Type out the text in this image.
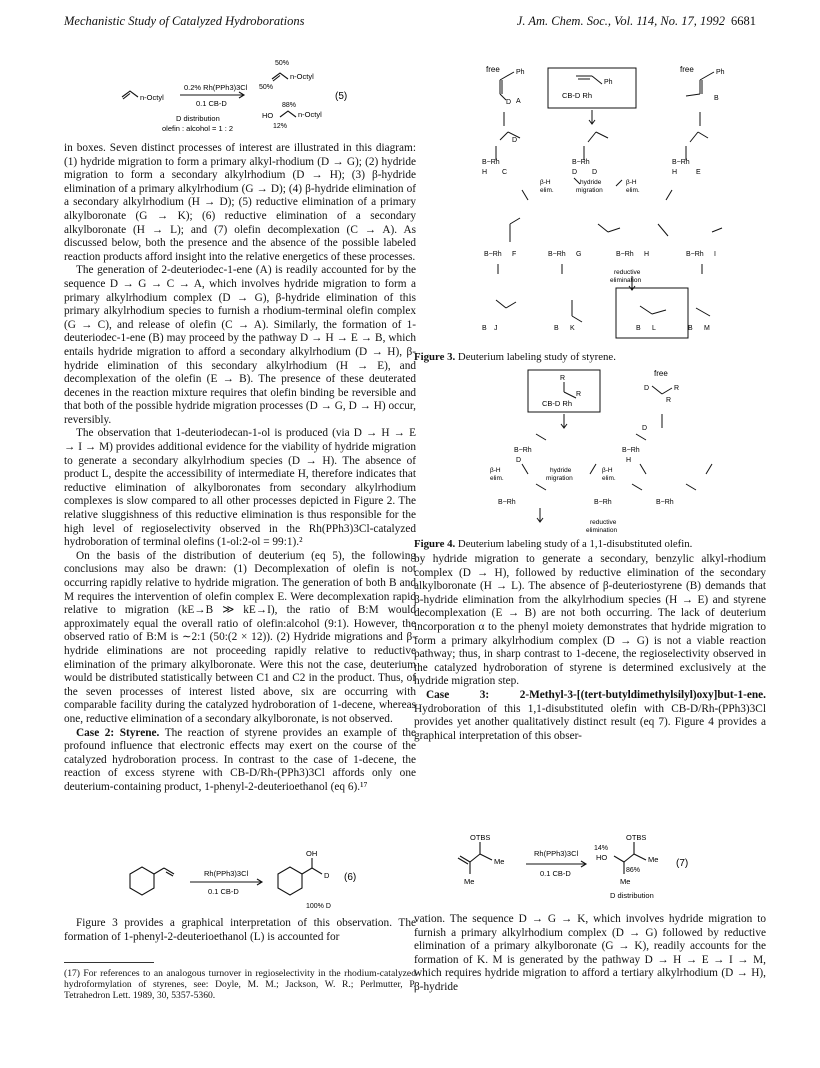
Mechanistic Study of Catalyzed Hydroborations	J. Am. Chem. Soc., Vol. 114, No. 17, 1992 6681
n-Octyl
0.2% Rh(PPh3)3Cl
0.1 CB-D
50%
n-Octyl
50%
88%
HO	n-Octyl
12%
(5)
D distribution
olefin : alcohol = 1 : 2

in boxes. Seven distinct processes of interest are illustrated in this diagram: (1) hydride migration to form a primary alkyl-rhodium (D → G); (2) hydride migration to form a secondary alkylrhodium (D → H); (3) β-hydride elimination of a primary alkylrhodium (G → D); (4) β-hydride elimination of a secondary alkylrhodium (H → D); (5) reductive elimination of a primary alkylboronate (G → K); (6) reductive elimination of a secondary alkylboronate (H → L); and (7) olefin decomplexation (C → A). As discussed below, both the presence and the absence of the possible labeled reaction products afford insight into the relative energetics of these processes.

The generation of 2-deuteriodec-1-ene (A) is readily accounted for by the sequence D → G → C → A, which involves hydride migration to form a primary alkylrhodium complex (D → G), β-hydride elimination of this primary alkylrhodium species to furnish a rhodium-terminal olefin complex (G → C), and release of olefin (C → A). Similarly, the formation of 1-deuteriodec-1-ene (B) may proceed by the pathway D → H → E → B, which entails hydride migration to afford a secondary alkylrhodium (D → H), β-hydride elimination of this secondary alkylrhodium (H → E), and decomplexation of the olefin (E → B). The presence of these deuterated decenes in the reaction mixture requires that olefin binding be reversible and that both of the possible hydride migration processes (D → G, D → H) occur, reversibly.

The observation that 1-deuteriodecan-1-ol is produced (via D → H → E → I → M) provides additional evidence for the viability of hydride migration to generate a secondary alkylrhodium species (D → H). The absence of product L, despite the accessibility of intermediate H, therefore indicates that reductive elimination of alkylboronates from secondary alkylrhodium complexes is slow compared to all other processes depicted in Figure 2. The relative sluggishness of this reductive elimination is thus responsible for the high level of regioselectivity observed in the Rh(PPh3)3Cl-catalyzed hydroboration of terminal olefins (1-ol:2-ol = 99:1).²

On the basis of the distribution of deuterium (eq 5), the following conclusions may also be drawn: (1) Decomplexation of olefin is not occurring rapidly relative to hydride migration. The generation of both B and M requires the intervention of olefin complex E. Were decomplexation rapid relative to migration (kE→B ≫ kE→I), the ratio of B:M would approximately equal the overall ratio of olefin:alcohol (9:1). However, the observed ratio of B:M is ∼2:1 (50:(2 × 12)). (2) Hydride migrations and β-hydride eliminations are not proceeding rapidly relative to reductive elimination of the primary alkylboronate. Were this not the case, deuterium would be distributed statistically between C1 and C2 in the product. Thus, of the seven processes of interest listed above, six are occurring with comparable facility during the catalyzed hydroboration of 1-decene, whereas one, reductive elimination of a secondary alkylboronate, is not observed.

Case 2: Styrene. The reaction of styrene provides an example of the profound influence that electronic effects may exert on the course of the catalyzed hydroboration process. In contrast to the case of 1-decene, the reaction of excess styrene with CB-D/Rh-(PPh3)3Cl affords only one deuterium-containing product, 1-phenyl-2-deuterioethanol (eq 6).¹⁷

Rh(PPh3)3Cl
0.1 CB-D
OH
D
100% D
(6)

Figure 3 provides a graphical interpretation of this observation. The formation of 1-phenyl-2-deuterioethanol (L) is accounted for

(17) For references to an analogous turnover in regioselectivity in the rhodium-catalyzed hydroformylation of styrenes, see: Doyle, M. M.; Jackson, W. R.; Perlmutter, P. Tetrahedron Lett. 1989, 30, 5357-5360.
free Ph
D A
CB-D Rh
Ph
free	Ph
B
D
B−Rh
H C
B−Rh
D D
B−Rh
H	E
β-H
elim.
hydride
migration
β-H
elim.
B−Rh F	B−Rh G	B−Rh H	B−Rh I
reductive
elimination
B J	B K	B L	B M
Figure 3. Deuterium labeling study of styrene.
R
R
CB-D Rh
free
D	R
R
D
B−Rh
D
B−Rh
H
β-H
elim.
hydride
migration
β-H
elim.
B−Rh	B−Rh	B−Rh
reductive
elimination
Figure 4. Deuterium labeling study of a 1,1-disubstituted olefin.

by hydride migration to generate a secondary, benzylic alkyl-rhodium complex (D → H), followed by reductive elimination of the secondary alkylboronate (H → L). The absence of β-deuteriostyrene (B) demands that β-hydride elimination from the alkylrhodium species (H → E) and styrene decomplexation (E → B) are not both occurring. The lack of deuterium incorporation α to the phenyl moiety demonstrates that hydride migration to form a primary alkylrhodium complex (D → G) is not a viable reaction pathway; thus, in sharp contrast to 1-decene, the regioselectivity observed in the catalyzed hydroboration of styrene is determined exclusively at the hydride migration step.

Case 3: 2-Methyl-3-[(tert-butyldimethylsilyl)oxy]but-1-ene. Hydroboration of this 1,1-disubstituted olefin with CB-D/Rh-(PPh3)3Cl provides yet another qualitatively distinct result (eq 7). Figure 4 provides a graphical interpretation of this obser-

OTBS
Me
Me
Rh(PPh3)3Cl
0.1 CB-D
14%
OTBS
HO	Me
86%
Me
D distribution
(7)

vation. The sequence D → G → K, which involves hydride migration to furnish a primary alkylrhodium complex (D → G) followed by reductive elimination of a primary alkylboronate (G → K), readily accounts for the formation of K. M is generated by the pathway D → H → E → I → M, which requires hydride migration to afford a tertiary alkylrhodium (D → H), β-hydride
